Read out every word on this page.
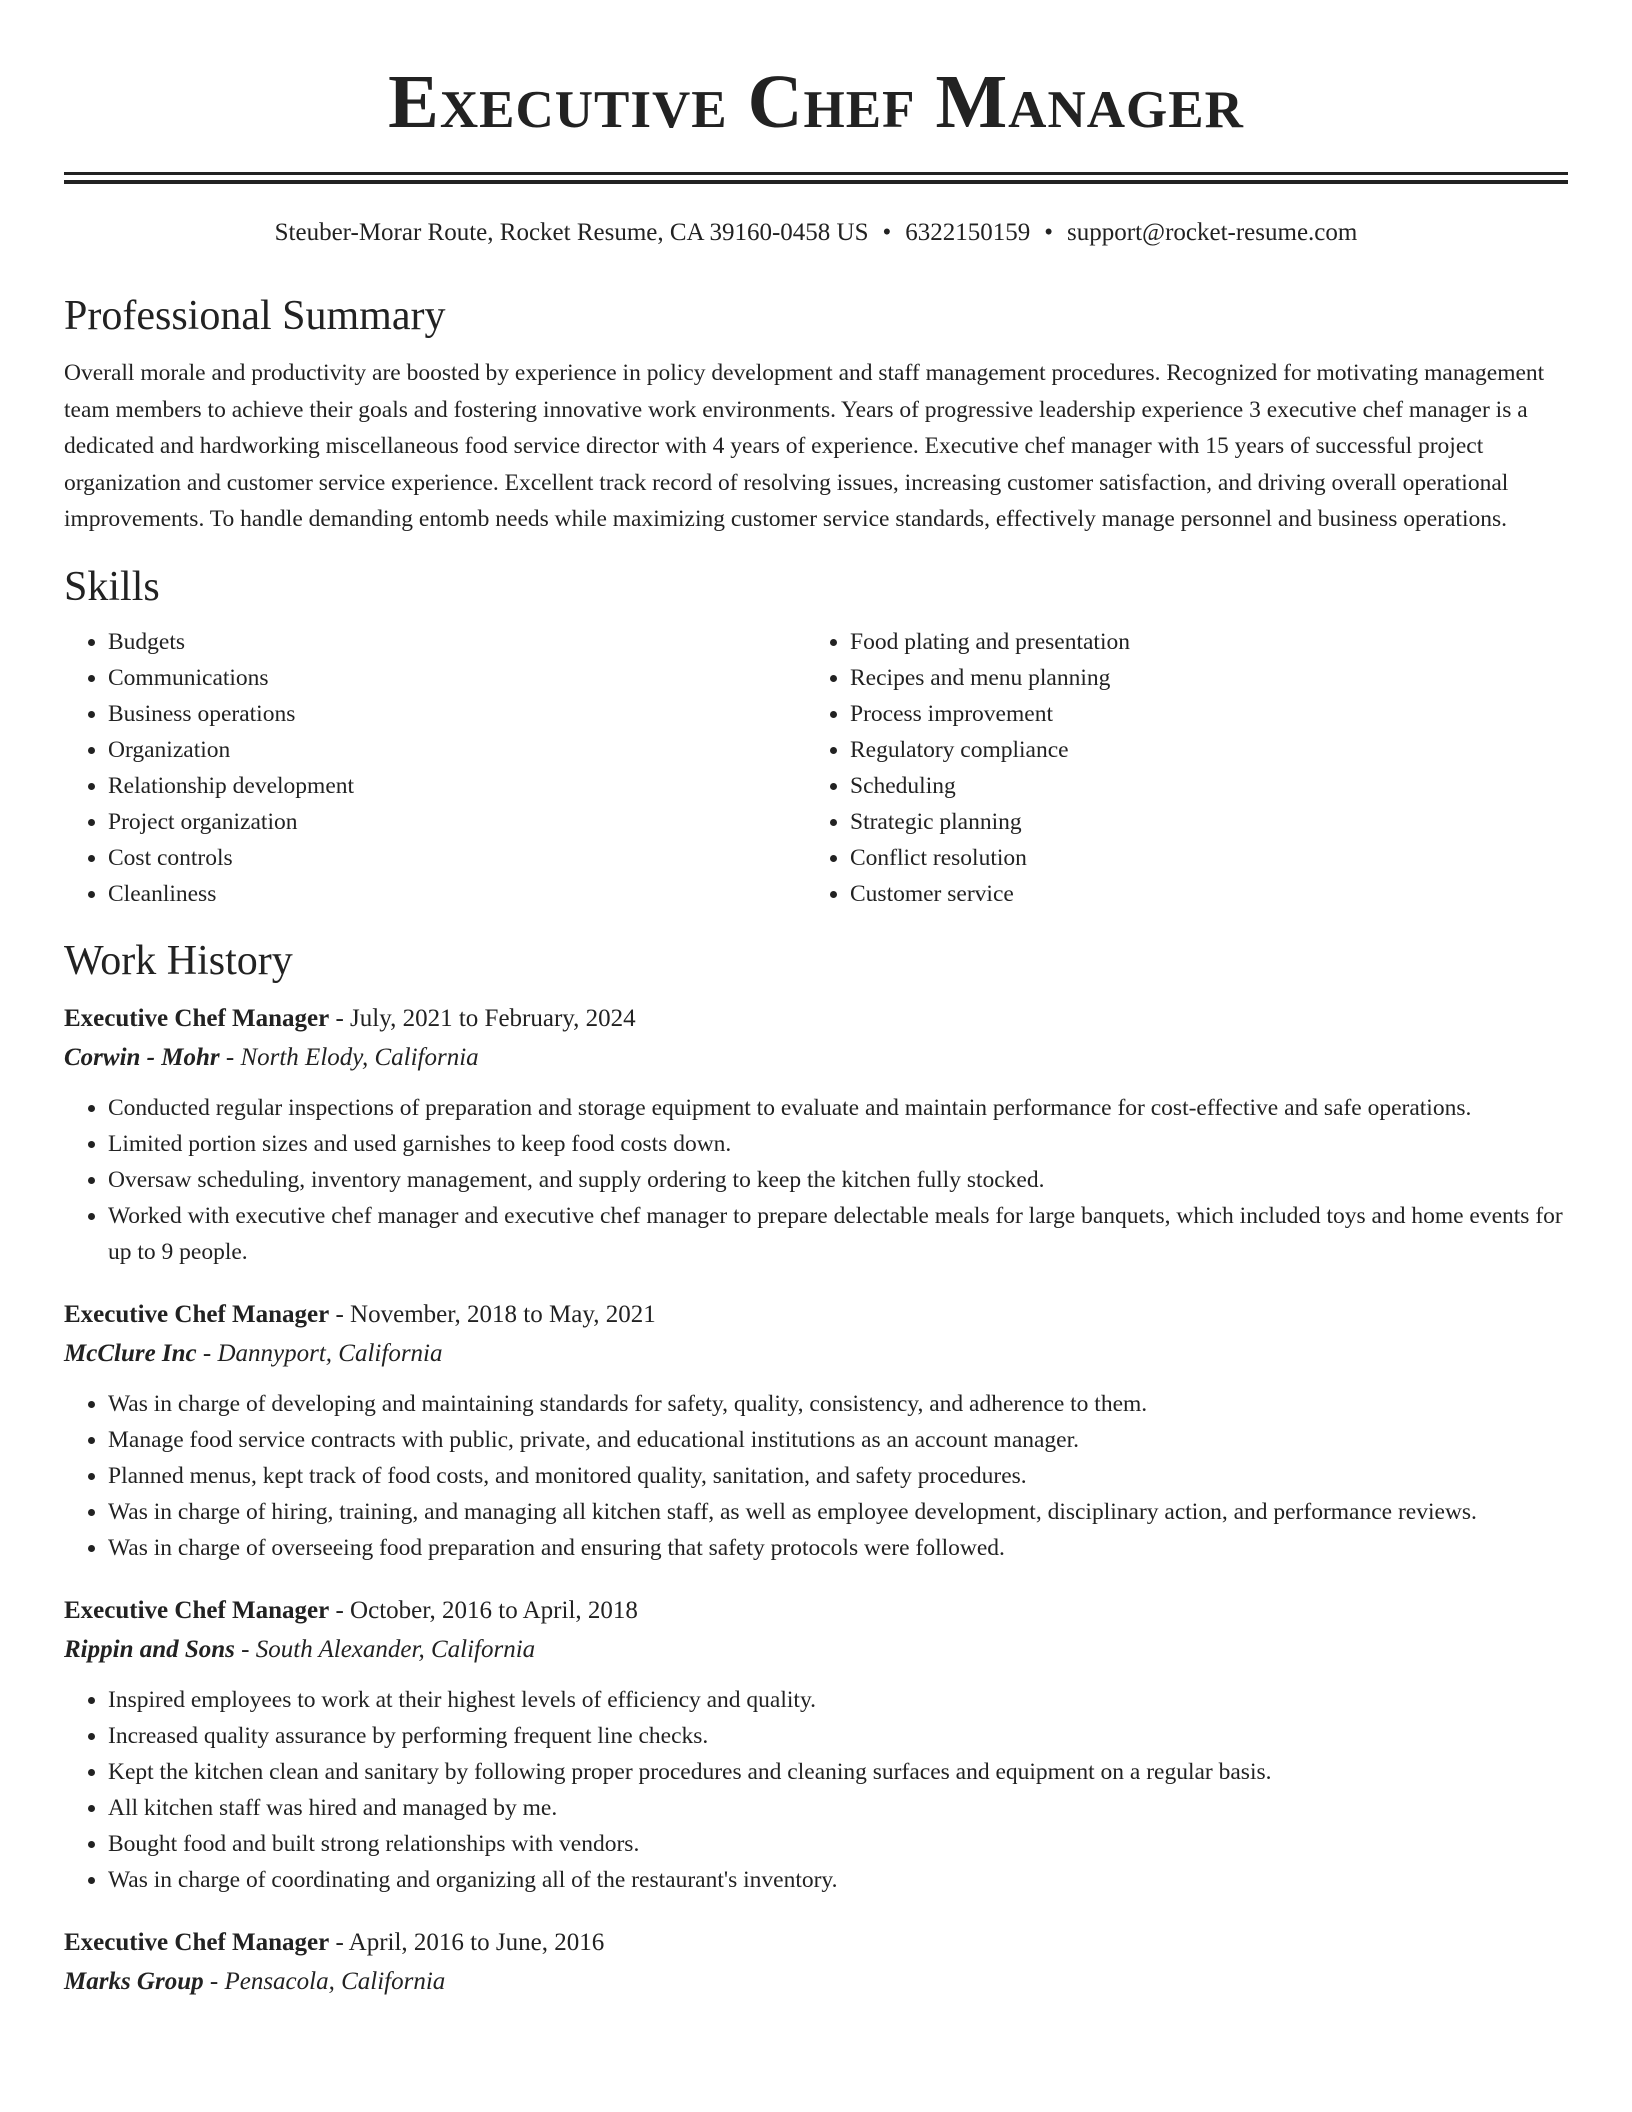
Executive Chef Manager
Steuber-Morar Route, Rocket Resume, CA 39160-0458 US • 6322150159 • support@rocket-resume.com
Professional Summary
Overall morale and productivity are boosted by experience in policy development and staff management procedures. Recognized for motivating management team members to achieve their goals and fostering innovative work environments. Years of progressive leadership experience 3 executive chef manager is a dedicated and hardworking miscellaneous food service director with 4 years of experience. Executive chef manager with 15 years of successful project organization and customer service experience. Excellent track record of resolving issues, increasing customer satisfaction, and driving overall operational improvements. To handle demanding entomb needs while maximizing customer service standards, effectively manage personnel and business operations.
Skills
• Budgets
• Communications
• Business operations
• Organization
• Relationship development
• Project organization
• Cost controls
• Cleanliness
• Food plating and presentation
• Recipes and menu planning
• Process improvement
• Regulatory compliance
• Scheduling
• Strategic planning
• Conflict resolution
• Customer service
Work History
Executive Chef Manager - July, 2021 to February, 2024
Corwin - Mohr - North Elody, California
• Conducted regular inspections of preparation and storage equipment to evaluate and maintain performance for cost-effective and safe operations.
• Limited portion sizes and used garnishes to keep food costs down.
• Oversaw scheduling, inventory management, and supply ordering to keep the kitchen fully stocked.
• Worked with executive chef manager and executive chef manager to prepare delectable meals for large banquets, which included toys and home events for up to 9 people.
Executive Chef Manager - November, 2018 to May, 2021
McClure Inc - Dannyport, California
• Was in charge of developing and maintaining standards for safety, quality, consistency, and adherence to them.
• Manage food service contracts with public, private, and educational institutions as an account manager.
• Planned menus, kept track of food costs, and monitored quality, sanitation, and safety procedures.
• Was in charge of hiring, training, and managing all kitchen staff, as well as employee development, disciplinary action, and performance reviews.
• Was in charge of overseeing food preparation and ensuring that safety protocols were followed.
Executive Chef Manager - October, 2016 to April, 2018
Rippin and Sons - South Alexander, California
• Inspired employees to work at their highest levels of efficiency and quality.
• Increased quality assurance by performing frequent line checks.
• Kept the kitchen clean and sanitary by following proper procedures and cleaning surfaces and equipment on a regular basis.
• All kitchen staff was hired and managed by me.
• Bought food and built strong relationships with vendors.
• Was in charge of coordinating and organizing all of the restaurant's inventory.
Executive Chef Manager - April, 2016 to June, 2016
Marks Group - Pensacola, California
